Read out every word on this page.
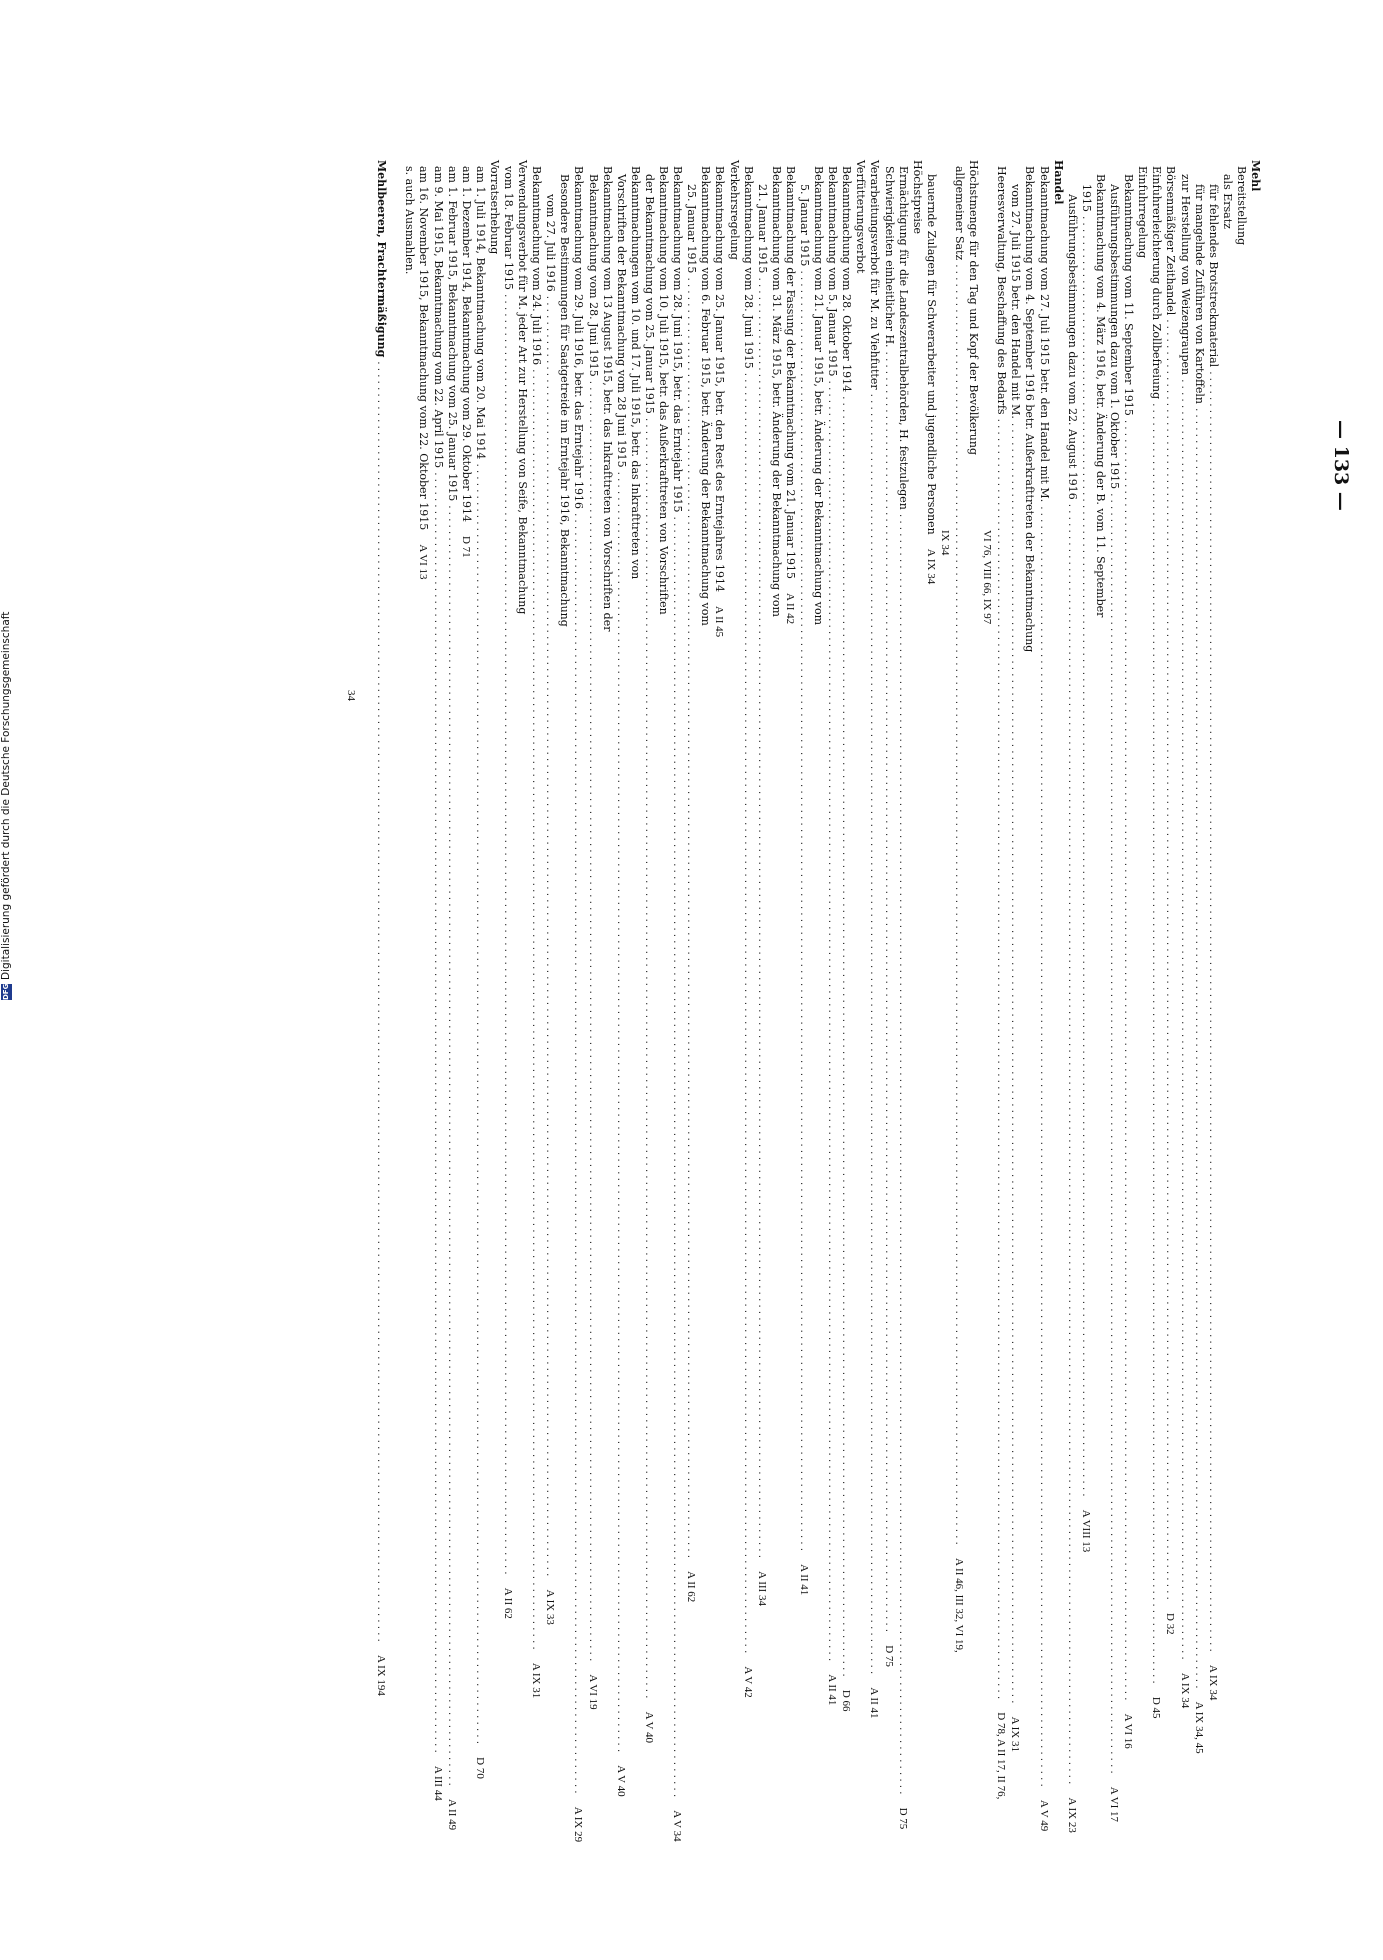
— 133 —
Mehl
Bereitstellung
als Ersatz
für fehlendes Brotstreckmaterial
........................................................................................................................................................................................................
A IX 34
für mangelnde Zuführen von Kartoffeln
........................................................................................................................................................................................................
A IX 34, 45
zur Herstellung von Weizengraupen
........................................................................................................................................................................................................
A IX 34
Börsenmäßiger Zeithandel
........................................................................................................................................................................................................
D 32
Einfuhrerleichterung durch Zollbefreiung
........................................................................................................................................................................................................
D 45
Einfuhrregelung
Bekanntmachung vom 11. September 1915
........................................................................................................................................................................................................
A VI 16
Ausführungsbestimmungen dazu vom 1. Oktober 1915
........................................................................................................................................................................................................
A VI 17
Bekanntmachung vom 4. März 1916, betr. Änderung der B. vom 11. September
1915
........................................................................................................................................................................................................
A VIII 13
Ausführungsbestimmungen dazu vom 22. August 1916
........................................................................................................................................................................................................
A IX 23
Handel
Bekanntmachung vom 27. Juli 1915 betr. den Handel mit M.
........................................................................................................................................................................................................
A V 49
Bekanntmachung vom 4. September 1916 betr. Außerkrafttreten der Bekanntmachung
vom 27. Juli 1915 betr. den Handel mit M.
........................................................................................................................................................................................................
A IX 31
Heeresverwaltung, Beschaffung des Bedarfs
........................................................................................................................................................................................................
D 78, A II 17, II 76,
VI 76, VIII 66, IX 97
Höchstmenge für den Tag und Kopf der Bevölkerung
allgemeiner Satz
........................................................................................................................................................................................................
A II 46, III 32, VI 19,
IX 34
bauernde Zulagen für Schwerarbeiter und jugendliche Personen
A IX 34
Höchstpreise
Ermächtigung für die Landeszentralbehörden, H. festzulegen
........................................................................................................................................................................................................
D 75
Schwierigkeiten einheitlicher H.
........................................................................................................................................................................................................
D 75
Verarbeitungsverbot für M. zu Viehfutter
........................................................................................................................................................................................................
A II 41
Verfütterungsverbot
Bekanntmachung vom 28. Oktober 1914
........................................................................................................................................................................................................
D 66
Bekanntmachung vom 5. Januar 1915
........................................................................................................................................................................................................
A II 41
Bekanntmachung vom 21. Januar 1915, betr. Änderung der Bekanntmachung vom
5. Januar 1915
........................................................................................................................................................................................................
A II 41
Bekanntmachung der Fassung der Bekanntmachung vom 21. Januar 1915
A II 42
Bekanntmachung vom 31. März 1915, betr. Änderung der Bekanntmachung vom
21. Januar 1915
........................................................................................................................................................................................................
A III 34
Bekanntmachung vom 28. Juni 1915
........................................................................................................................................................................................................
A V 42
Verkehrsregelung
Bekanntmachung vom 25. Januar 1915, betr. den Rest des Erntejahres 1914
A II 45
Bekanntmachung vom 6. Februar 1915, betr. Änderung der Bekanntmachung vom
25. Januar 1915
........................................................................................................................................................................................................
A II 62
Bekanntmachung vom 28. Juni 1915, betr. das Erntejahr 1915
........................................................................................................................................................................................................
A V 34
Bekanntmachung vom 10. Juli 1915, betr. das Außerkrafttreten von Vorschriften
der Bekanntmachung vom 25. Januar 1915
........................................................................................................................................................................................................
A V 40
Bekanntmachungen vom 10. und 17. Juli 1915, betr. das Inkrafttreten von
Vorschriften der Bekanntmachung vom 28 Juni 1915
........................................................................................................................................................................................................
A V 40
Bekanntmachung vom 13 August 1915, betr. das Inkrafttreten von Vorschriften der
Bekanntmachung vom 28. Juni 1915
........................................................................................................................................................................................................
A VI 19
Bekanntmachung vom 29. Juli 1916, betr. das Erntejahr 1916
........................................................................................................................................................................................................
A IX 29
Besondere Bestimmungen für Saatgetreide im Erntejahr 1916, Bekanntmachung
vom 27. Juli 1916
........................................................................................................................................................................................................
A IX 33
Bekanntmachung vom 24. Juli 1916
........................................................................................................................................................................................................
A IX 31
Verwendungsverbot für M. jeder Art zur Herstellung von Seife, Bekanntmachung
vom 18. Februar 1915
........................................................................................................................................................................................................
A II 62
Vorratserhebung
am 1. Juli 1914, Bekanntmachung vom 20. Mai 1914
........................................................................................................................................................................................................
D 70
am 1. Dezember 1914, Bekanntmachung vom 29. Oktober 1914
D 71
am 1. Februar 1915, Bekanntmachung vom 25. Januar 1915
........................................................................................................................................................................................................
A II 49
am 9. Mai 1915, Bekanntmachung vom 22. April 1915
........................................................................................................................................................................................................
A III 44
am 16. November 1915, Bekanntmachung vom 22. Oktober 1915
A VI 13
s. auch Ausmahlen.
Mehlbeeren, Frachtermäßigung
........................................................................................................................................................................................................
A IX 194
34
DFG
Digitalisierung gefördert durch die Deutsche Forschungsgemeinschaft
